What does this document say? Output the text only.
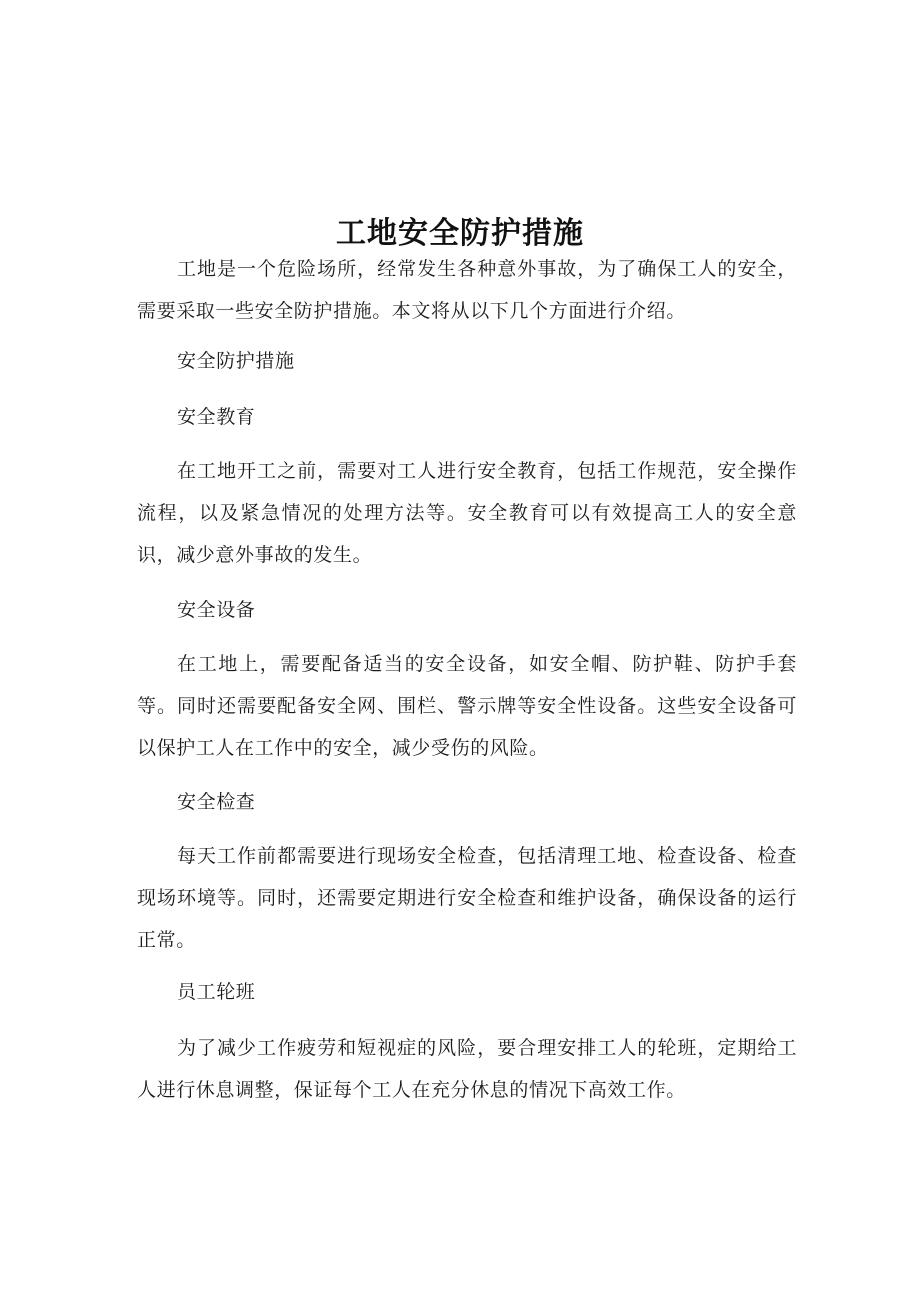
工地安全防护措施

工地是一个危险场所，经常发生各种意外事故，为了确保工人的安全，需要采取一些安全防护措施。本文将从以下几个方面进行介绍。

安全防护措施

安全教育

在工地开工之前，需要对工人进行安全教育，包括工作规范，安全操作流程，以及紧急情况的处理方法等。安全教育可以有效提高工人的安全意识，减少意外事故的发生。

安全设备

在工地上，需要配备适当的安全设备，如安全帽、防护鞋、防护手套等。同时还需要配备安全网、围栏、警示牌等安全性设备。这些安全设备可以保护工人在工作中的安全，减少受伤的风险。

安全检查

每天工作前都需要进行现场安全检查，包括清理工地、检查设备、检查现场环境等。同时，还需要定期进行安全检查和维护设备，确保设备的运行正常。

员工轮班

为了减少工作疲劳和短视症的风险，要合理安排工人的轮班，定期给工人进行休息调整，保证每个工人在充分休息的情况下高效工作。
